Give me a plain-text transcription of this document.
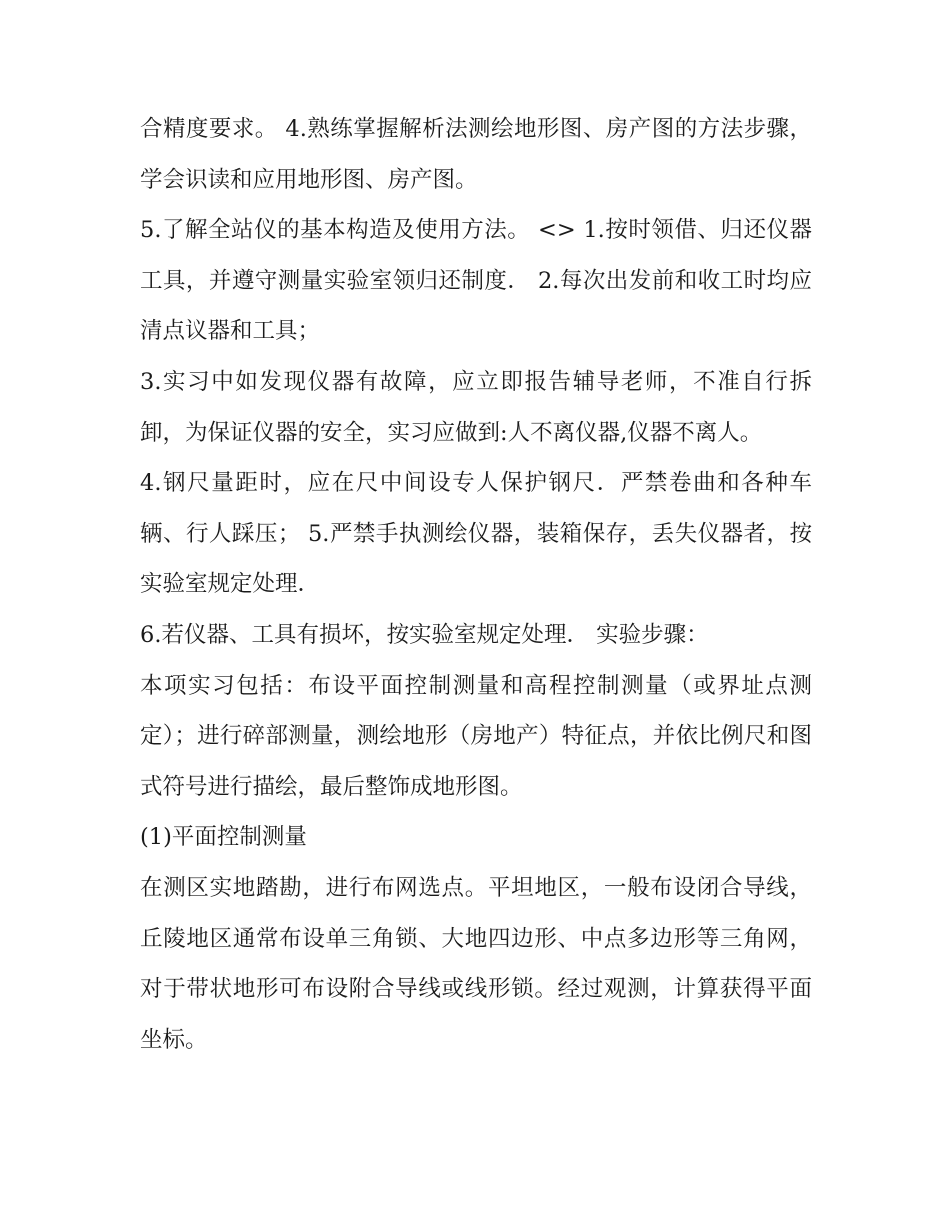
合精度要求。 4.熟练掌握解析法测绘地形图、房产图的方法步骤，学会识读和应用地形图、房产图。

5.了解全站仪的基本构造及使用方法。 <> 1.按时领借、归还仪器工具，并遵守测量实验室领归还制度． 2.每次出发前和收工时均应清点议器和工具；

3.实习中如发现仪器有故障，应立即报告辅导老师，不准自行拆卸，为保证仪器的安全，实习应做到:人不离仪器,仪器不离人。

4.钢尺量距时，应在尺中间设专人保护钢尺．严禁卷曲和各种车辆、行人踩压； 5.严禁手执测绘仪器，装箱保存，丢失仪器者，按实验室规定处理．

6.若仪器、工具有损坏，按实验室规定处理． 实验步骤：

本项实习包括：布设平面控制测量和高程控制测量（或界址点测定）；进行碎部测量，测绘地形（房地产）特征点，并依比例尺和图式符号进行描绘，最后整饰成地形图。

(1)平面控制测量

在测区实地踏勘，进行布网选点。平坦地区，一般布设闭合导线，丘陵地区通常布设单三角锁、大地四边形、中点多边形等三角网，对于带状地形可布设附合导线或线形锁。经过观测，计算获得平面坐标。
